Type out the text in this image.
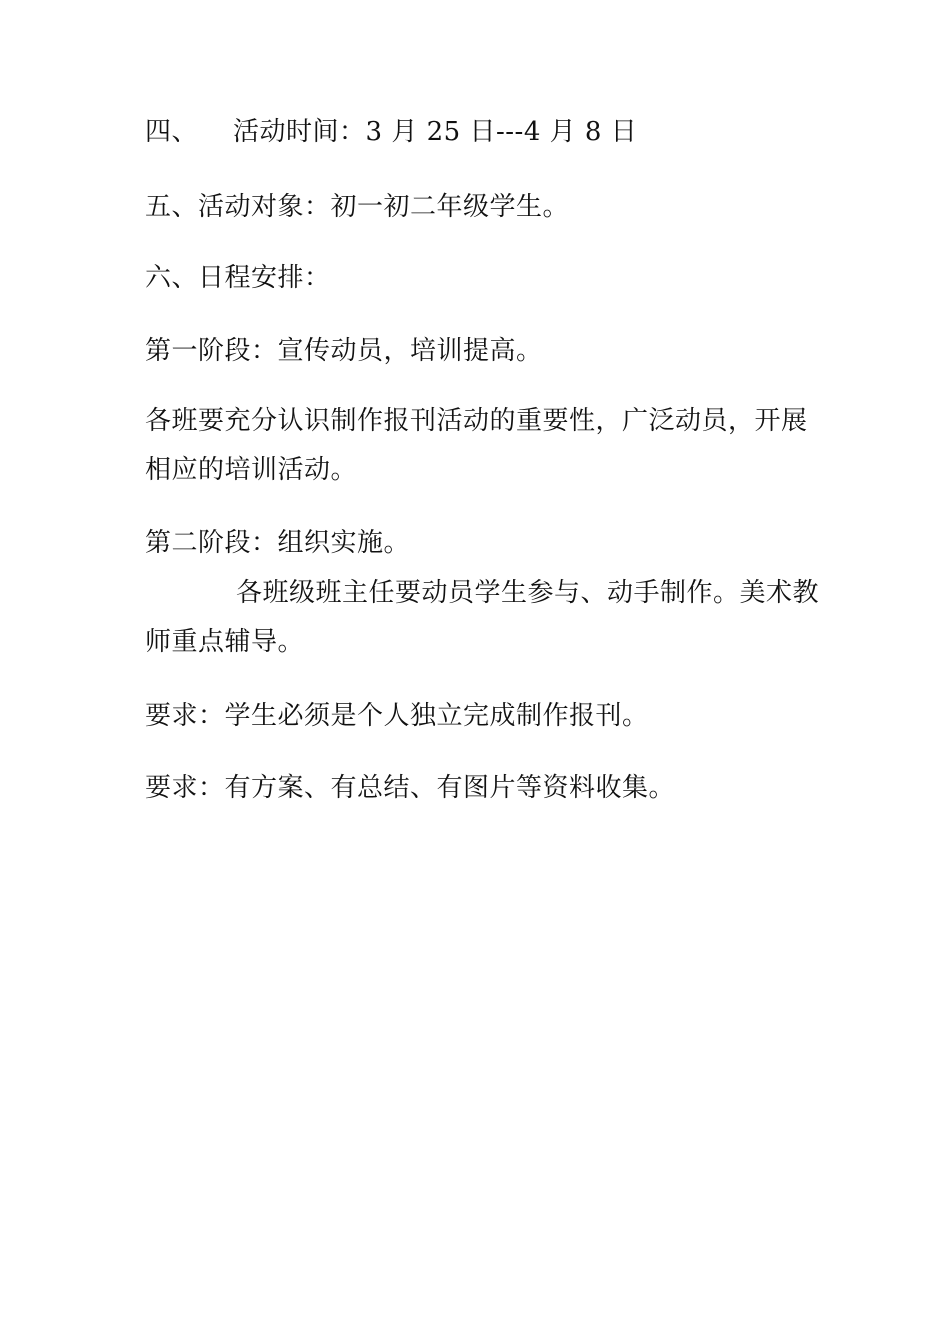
四、    活动时间：3 月 25 日---4 月 8 日
五、活动对象：初一初二年级学生。
六、日程安排：
第一阶段：宣传动员，培训提高。
各班要充分认识制作报刊活动的重要性，广泛动员，开展
相应的培训活动。
第二阶段：组织实施。
各班级班主任要动员学生参与、动手制作。美术教
师重点辅导。
要求：学生必须是个人独立完成制作报刊。
要求：有方案、有总结、有图片等资料收集。
